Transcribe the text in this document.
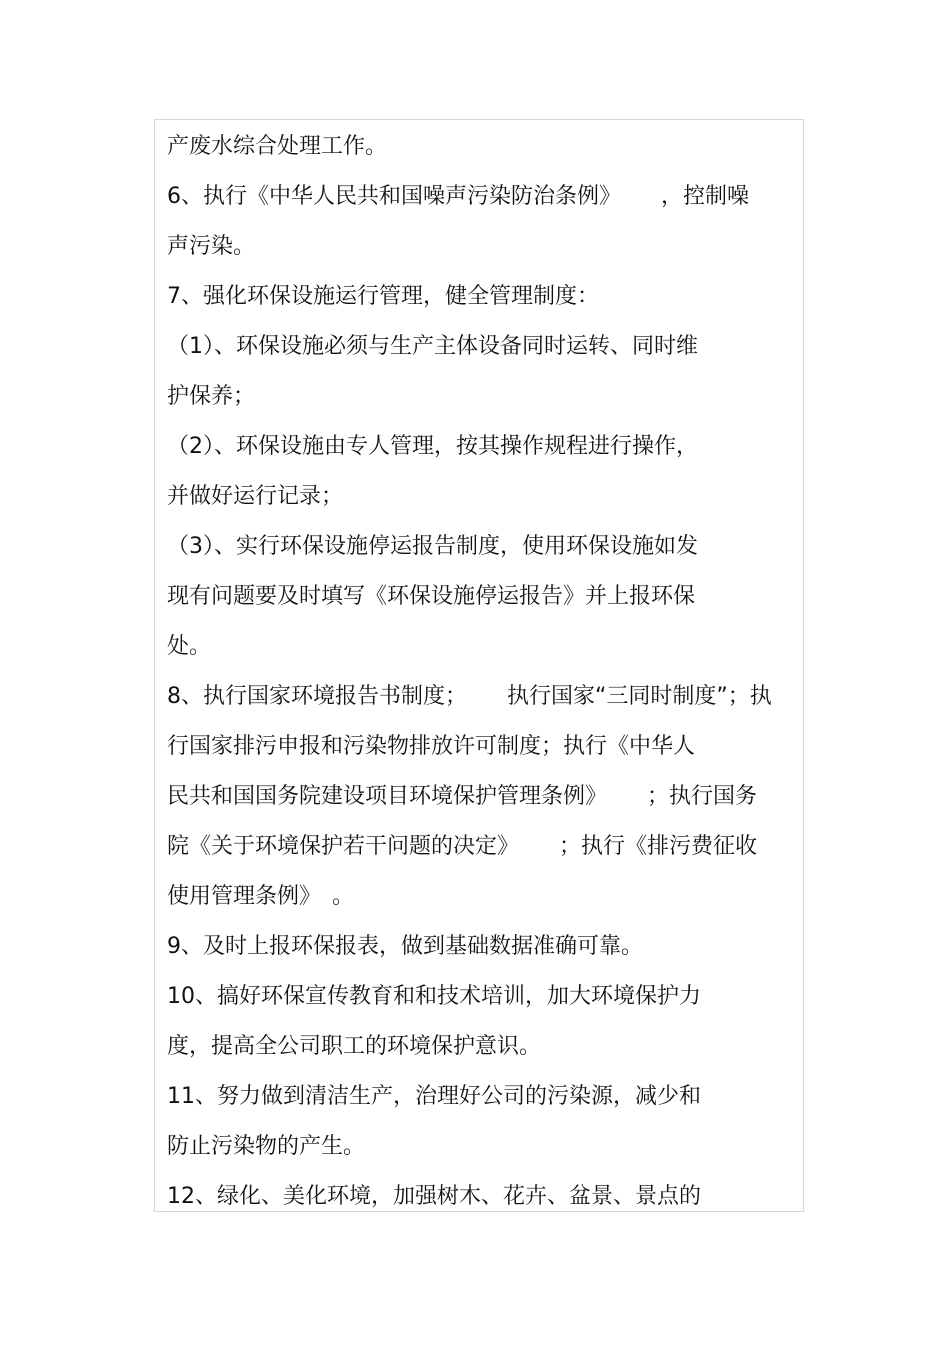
产废水综合处理工作。
6、执行《中华人民共和国噪声污染防治条例》　 　，控制噪
声污染。
7、强化环保设施运行管理，健全管理制度：
（1）、环保设施必须与生产主体设备同时运转、同时维
护保养；
（2）、环保设施由专人管理，按其操作规程进行操作，
并做好运行记录；
（3）、实行环保设施停运报告制度，使用环保设施如发
现有问题要及时填写《环保设施停运报告》并上报环保
处。
8、执行国家环境报告书制度；　 　执行国家“三同时制度”；执
行国家排污申报和污染物排放许可制度；执行《中华人
民共和国国务院建设项目环境保护管理条例》　 　；执行国务
院《关于环境保护若干问题的决定》　 　；执行《排污费征收
使用管理条例》　。
9、及时上报环保报表，做到基础数据准确可靠。
10、搞好环保宣传教育和和技术培训，加大环境保护力
度，提高全公司职工的环境保护意识。
11、努力做到清洁生产，治理好公司的污染源，减少和
防止污染物的产生。
12、绿化、美化环境，加强树木、花卉、盆景、景点的
